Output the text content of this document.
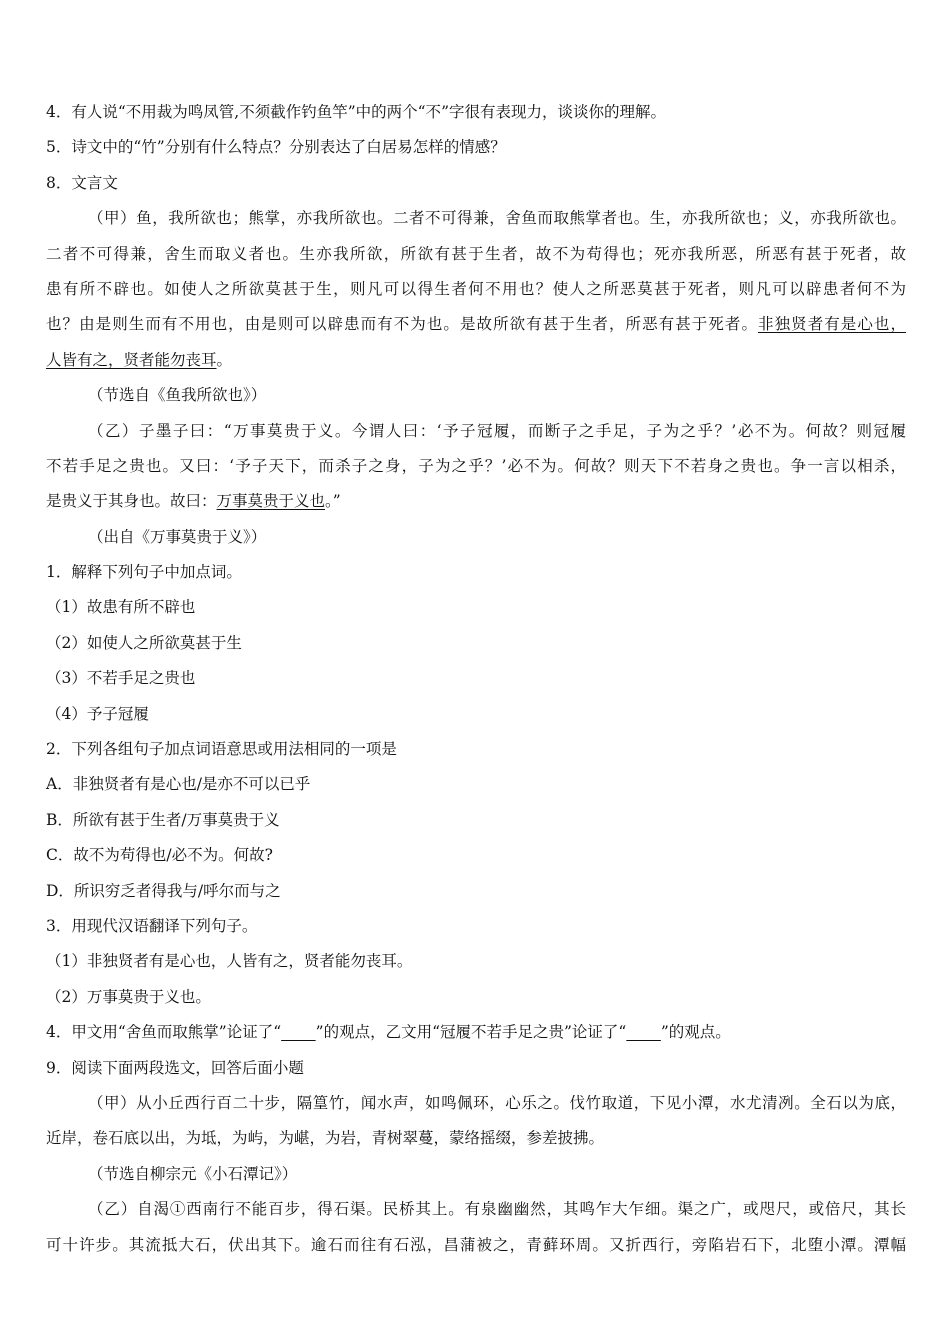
4．有人说“不用裁为鸣凤管,不须截作钓鱼竿”中的两个“不”字很有表现力，谈谈你的理解。
5．诗文中的“竹”分别有什么特点？分别表达了白居易怎样的情感？
8．文言文
（甲）鱼，我所欲也；熊掌，亦我所欲也。二者不可得兼，舍鱼而取熊掌者也。生，亦我所欲也；义，亦我所欲也。
二者不可得兼，舍生而取义者也。生亦我所欲，所欲有甚于生者，故不为苟得也；死亦我所恶，所恶有甚于死者，故
患有所不辟也。如使人之所欲莫甚于生，则凡可以得生者何不用也？使人之所恶莫甚于死者，则凡可以辟患者何不为
也？由是则生而有不用也，由是则可以辟患而有不为也。是故所欲有甚于生者，所恶有甚于死者。非独贤者有是心也，
人皆有之，贤者能勿丧耳。
（节选自《鱼我所欲也》）
（乙）子墨子曰：“万事莫贵于义。今谓人曰：‘予子冠履，而断子之手足，子为之乎？’必不为。何故？则冠履
不若手足之贵也。又曰：‘予子天下，而杀子之身，子为之乎？’必不为。何故？则天下不若身之贵也。争一言以相杀，
是贵义于其身也。故曰：万事莫贵于义也。”
（出自《万事莫贵于义》）
1．解释下列句子中加点词。
（1）故患有所不辟也
（2）如使人之所欲莫甚于生
（3）不若手足之贵也
（4）予子冠履
2．下列各组句子加点词语意思或用法相同的一项是
A．非独贤者有是心也/是亦不可以已乎
B．所欲有甚于生者/万事莫贵于义
C．故不为苟得也/必不为。何故?
D．所识穷乏者得我与/呼尔而与之
3．用现代汉语翻译下列句子。
（1）非独贤者有是心也，人皆有之，贤者能勿丧耳。
（2）万事莫贵于义也。
4．甲文用“舍鱼而取熊掌”论证了“ ”的观点，乙文用“冠履不若手足之贵”论证了“ ”的观点。
9．阅读下面两段选文，回答后面小题
（甲）从小丘西行百二十步，隔篁竹，闻水声，如鸣佩环，心乐之。伐竹取道，下见小潭，水尤清冽。全石以为底，
近岸，卷石底以出，为坻，为屿，为嵁，为岩，青树翠蔓，蒙络摇缀，参差披拂。
（节选自柳宗元《小石潭记》）
（乙）自渴①西南行不能百步，得石渠。民桥其上。有泉幽幽然，其鸣乍大乍细。渠之广，或咫尺，或倍尺，其长
可十许步。其流抵大石，伏出其下。逾石而往有石泓，昌蒲被之，青藓环周。又折西行，旁陷岩石下，北堕小潭。潭幅
